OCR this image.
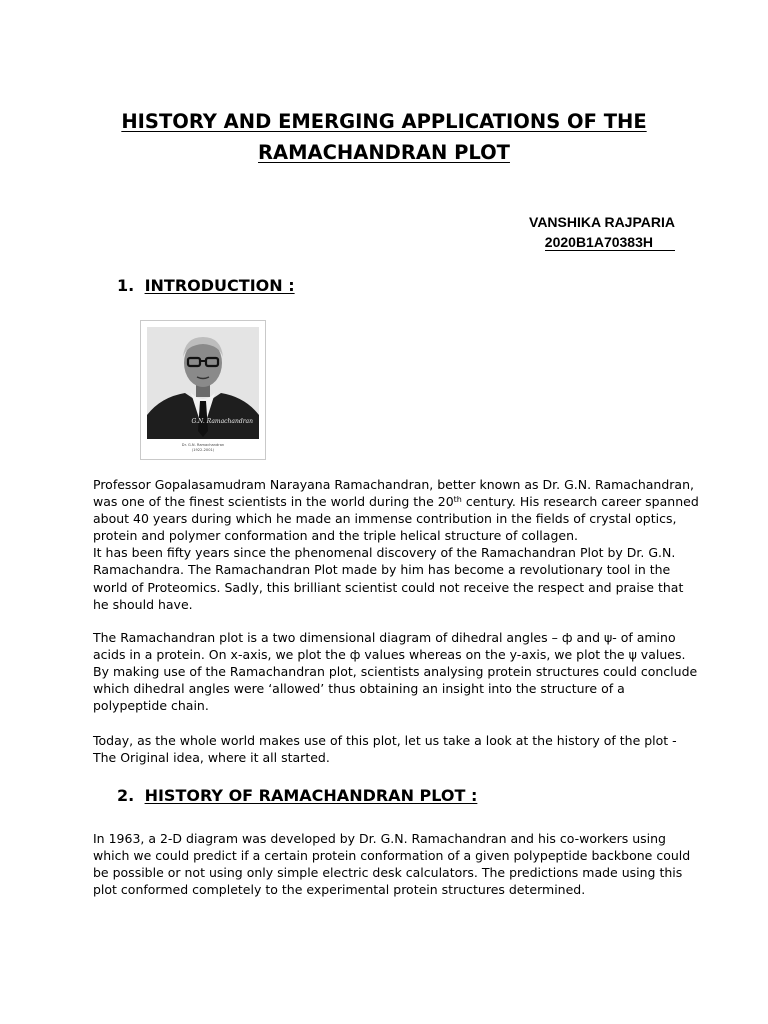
HISTORY AND EMERGING APPLICATIONS OF THE
RAMACHANDRAN PLOT
VANSHIKA RAJPARIA
2020B1A70383H
1. INTRODUCTION :
G.N. Ramachandran
Dr. G.N. Ramachandran
(1922-2001)
Professor Gopalasamudram Narayana Ramachandran, better known as Dr. G.N. Ramachandran,
was one of the finest scientists in the world during the 20th century. His research career spanned
about 40 years during which he made an immense contribution in the fields of crystal optics,
protein and polymer conformation and the triple helical structure of collagen.
It has been fifty years since the phenomenal discovery of the Ramachandran Plot by Dr. G.N.
Ramachandra. The Ramachandran Plot made by him has become a revolutionary tool in the
world of Proteomics. Sadly, this brilliant scientist could not receive the respect and praise that
he should have.
The Ramachandran plot is a two dimensional diagram of dihedral angles – ф and ψ- of amino
acids in a protein. On x-axis, we plot the ф values whereas on the y-axis, we plot the ψ values.
By making use of the Ramachandran plot, scientists analysing protein structures could conclude
which dihedral angles were ‘allowed’ thus obtaining an insight into the structure of a
polypeptide chain.
Today, as the whole world makes use of this plot, let us take a look at the history of the plot -
The Original idea, where it all started.
2. HISTORY OF RAMACHANDRAN PLOT :
In 1963, a 2-D diagram was developed by Dr. G.N. Ramachandran and his co-workers using
which we could predict if a certain protein conformation of a given polypeptide backbone could
be possible or not using only simple electric desk calculators. The predictions made using this
plot conformed completely to the experimental protein structures determined.
